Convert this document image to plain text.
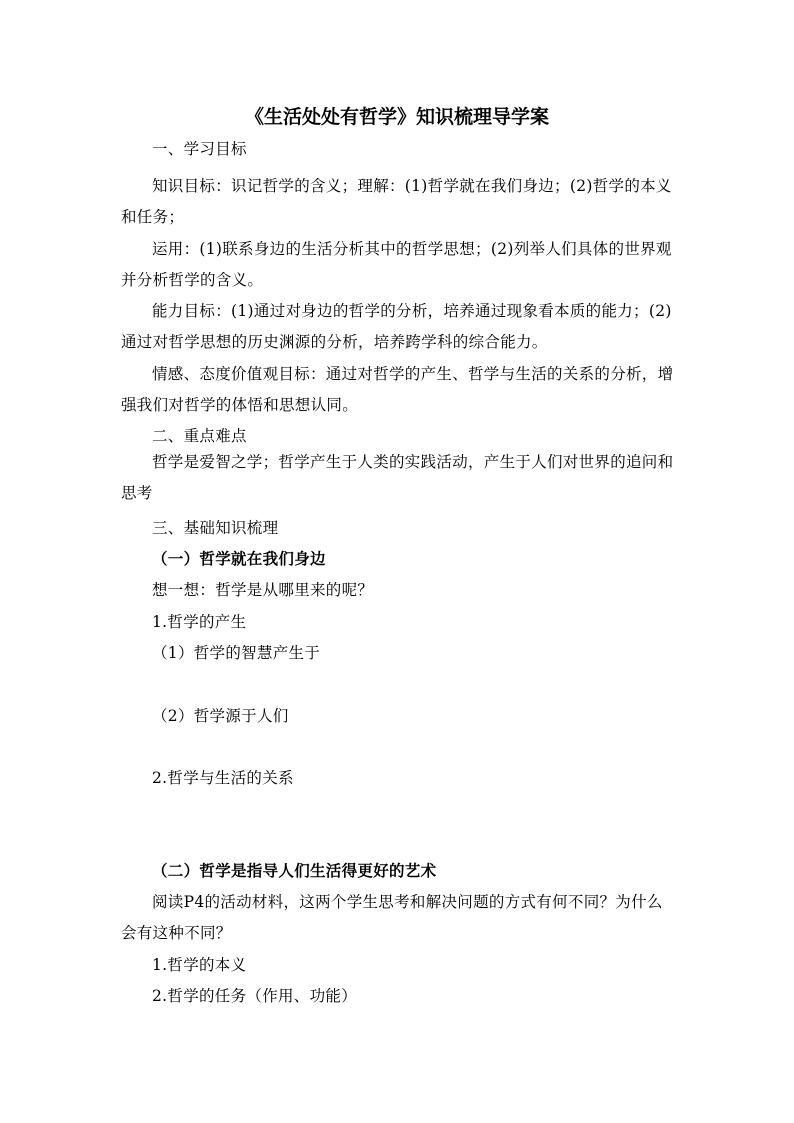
《生活处处有哲学》知识梳理导学案
一、学习目标
知识目标：识记哲学的含义；理解：(1)哲学就在我们身边；(2)哲学的本义
和任务；
运用：(1)联系身边的生活分析其中的哲学思想；(2)列举人们具体的世界观
并分析哲学的含义。
能力目标：(1)通过对身边的哲学的分析，培养通过现象看本质的能力；(2)
通过对哲学思想的历史渊源的分析，培养跨学科的综合能力。
情感、态度价值观目标：通过对哲学的产生、哲学与生活的关系的分析，增
强我们对哲学的体悟和思想认同。
二、重点难点
哲学是爱智之学；哲学产生于人类的实践活动，产生于人们对世界的追问和
思考
三、基础知识梳理
（一）哲学就在我们身边
想一想：哲学是从哪里来的呢？
1.哲学的产生
（1）哲学的智慧产生于
（2）哲学源于人们
2.哲学与生活的关系
（二）哲学是指导人们生活得更好的艺术
阅读P4的活动材料，这两个学生思考和解决问题的方式有何不同？为什么
会有这种不同？
1.哲学的本义
2.哲学的任务（作用、功能）
